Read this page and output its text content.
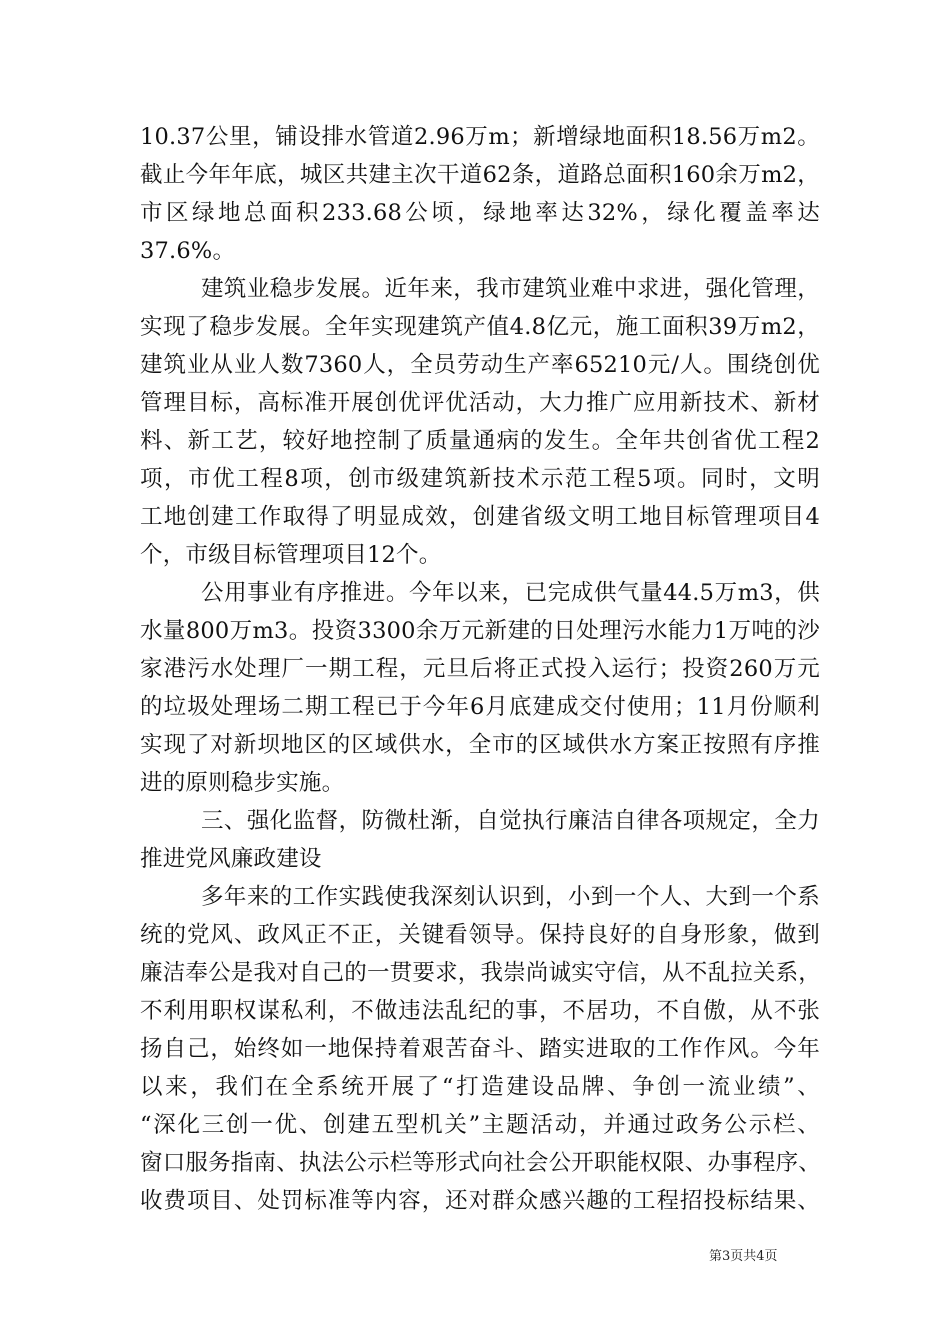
10.37公里，铺设排水管道2.96万m；新增绿地面积18.56万m2。
截止今年年底，城区共建主次干道62条，道路总面积160余万m2，
市区绿地总面积233.68公顷，绿地率达32%，绿化覆盖率达
37.6%。
建筑业稳步发展。近年来，我市建筑业难中求进，强化管理，
实现了稳步发展。全年实现建筑产值4.8亿元，施工面积39万m2，
建筑业从业人数7360人，全员劳动生产率65210元/人。围绕创优
管理目标，高标准开展创优评优活动，大力推广应用新技术、新材
料、新工艺，较好地控制了质量通病的发生。全年共创省优工程2
项，市优工程8项，创市级建筑新技术示范工程5项。同时，文明
工地创建工作取得了明显成效，创建省级文明工地目标管理项目4
个，市级目标管理项目12个。
公用事业有序推进。今年以来，已完成供气量44.5万m3，供
水量800万m3。投资3300余万元新建的日处理污水能力1万吨的沙
家港污水处理厂一期工程，元旦后将正式投入运行；投资260万元
的垃圾处理场二期工程已于今年6月底建成交付使用；11月份顺利
实现了对新坝地区的区域供水，全市的区域供水方案正按照有序推
进的原则稳步实施。
三、强化监督，防微杜渐，自觉执行廉洁自律各项规定，全力
推进党风廉政建设
多年来的工作实践使我深刻认识到，小到一个人、大到一个系
统的党风、政风正不正，关键看领导。保持良好的自身形象，做到
廉洁奉公是我对自己的一贯要求，我崇尚诚实守信，从不乱拉关系，
不利用职权谋私利，不做违法乱纪的事，不居功，不自傲，从不张
扬自己，始终如一地保持着艰苦奋斗、踏实进取的工作作风。今年
以来，我们在全系统开展了“打造建设品牌、争创一流业绩”、
“深化三创一优、创建五型机关”主题活动，并通过政务公示栏、
窗口服务指南、执法公示栏等形式向社会公开职能权限、办事程序、
收费项目、处罚标准等内容，还对群众感兴趣的工程招投标结果、
第3页共4页
